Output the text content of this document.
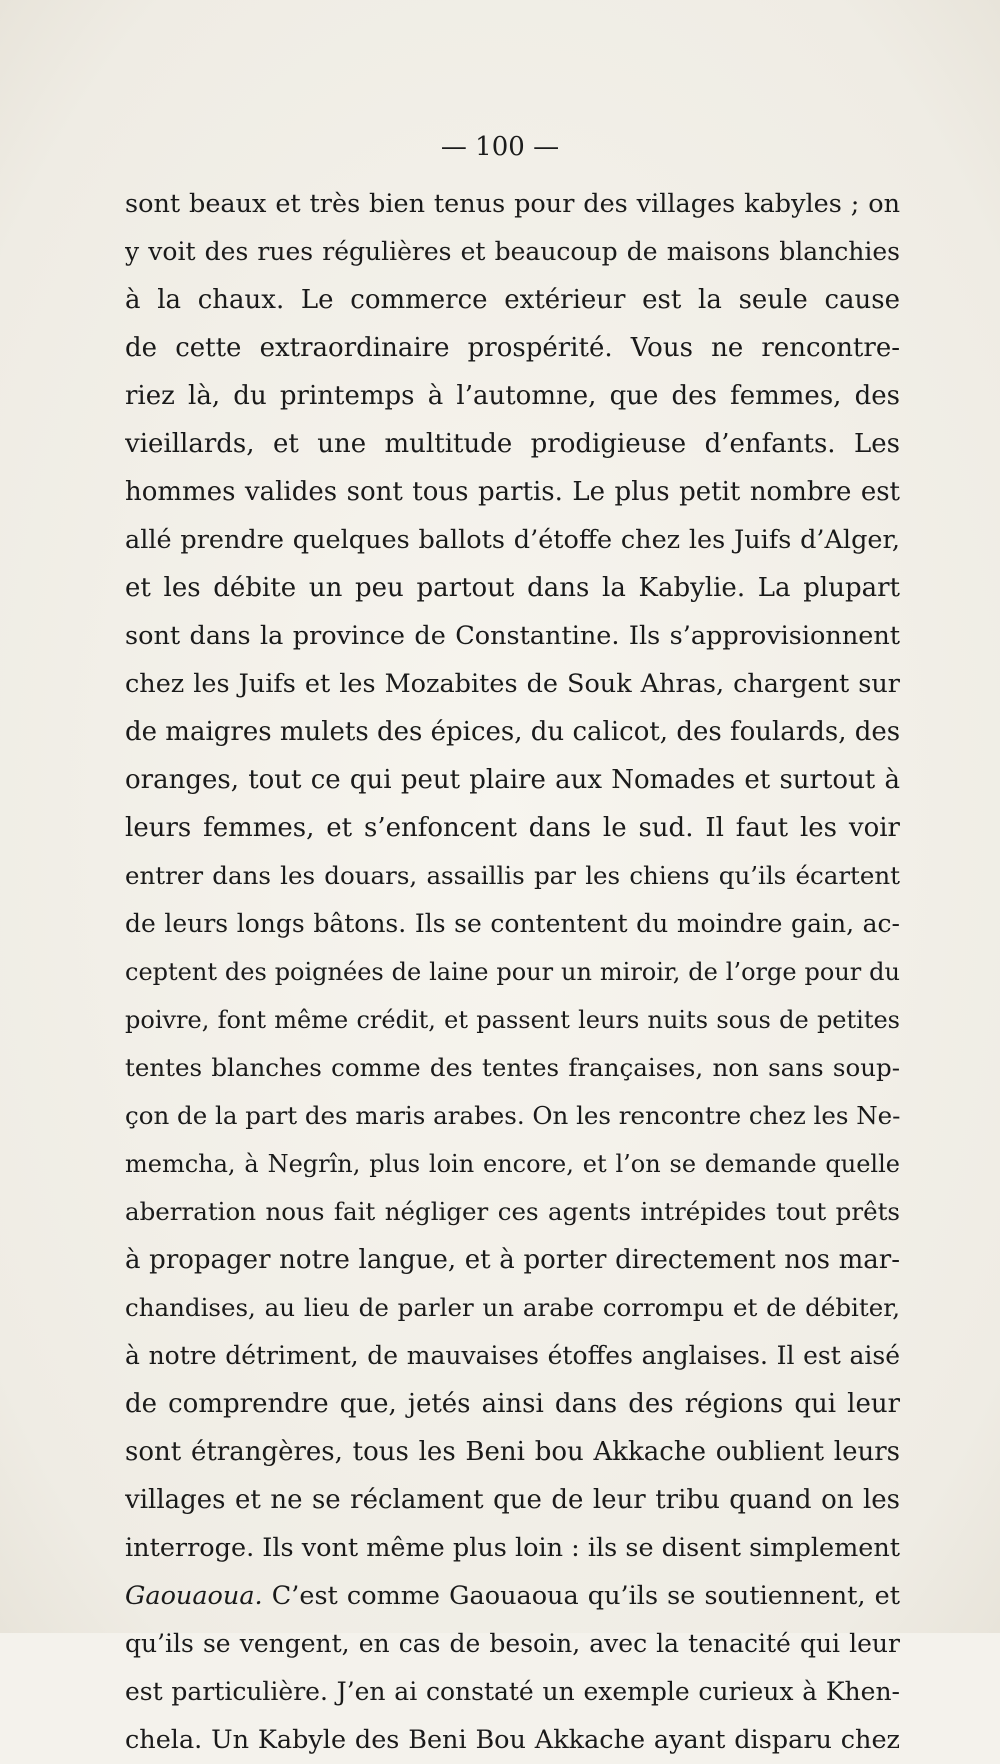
— 100 —
sont beaux et très bien tenus pour des villages kabyles ; on
y voit des rues régulières et beaucoup de maisons blanchies
à la chaux. Le commerce extérieur est la seule cause
de cette extraordinaire prospérité. Vous ne rencontre-
riez là, du printemps à l’automne, que des femmes, des
vieillards, et une multitude prodigieuse d’enfants. Les
hommes valides sont tous partis. Le plus petit nombre est
allé prendre quelques ballots d’étoffe chez les Juifs d’Alger,
et les débite un peu partout dans la Kabylie. La plupart
sont dans la province de Constantine. Ils s’approvisionnent
chez les Juifs et les Mozabites de Souk Ahras, chargent sur
de maigres mulets des épices, du calicot, des foulards, des
oranges, tout ce qui peut plaire aux Nomades et surtout à
leurs femmes, et s’enfoncent dans le sud. Il faut les voir
entrer dans les douars, assaillis par les chiens qu’ils écartent
de leurs longs bâtons. Ils se contentent du moindre gain, ac-
ceptent des poignées de laine pour un miroir, de l’orge pour du
poivre, font même crédit, et passent leurs nuits sous de petites
tentes blanches comme des tentes françaises, non sans soup-
çon de la part des maris arabes. On les rencontre chez les Ne-
memcha, à Negrîn, plus loin encore, et l’on se demande quelle
aberration nous fait négliger ces agents intrépides tout prêts
à propager notre langue, et à porter directement nos mar-
chandises, au lieu de parler un arabe corrompu et de débiter,
à notre détriment, de mauvaises étoffes anglaises. Il est aisé
de comprendre que, jetés ainsi dans des régions qui leur
sont étrangères, tous les Beni bou Akkache oublient leurs
villages et ne se réclament que de leur tribu quand on les
interroge. Ils vont même plus loin : ils se disent simplement
Gaouaoua. C’est comme Gaouaoua qu’ils se soutiennent, et
qu’ils se vengent, en cas de besoin, avec la tenacité qui leur
est particulière. J’en ai constaté un exemple curieux à Khen-
chela. Un Kabyle des Beni Bou Akkache ayant disparu chez
